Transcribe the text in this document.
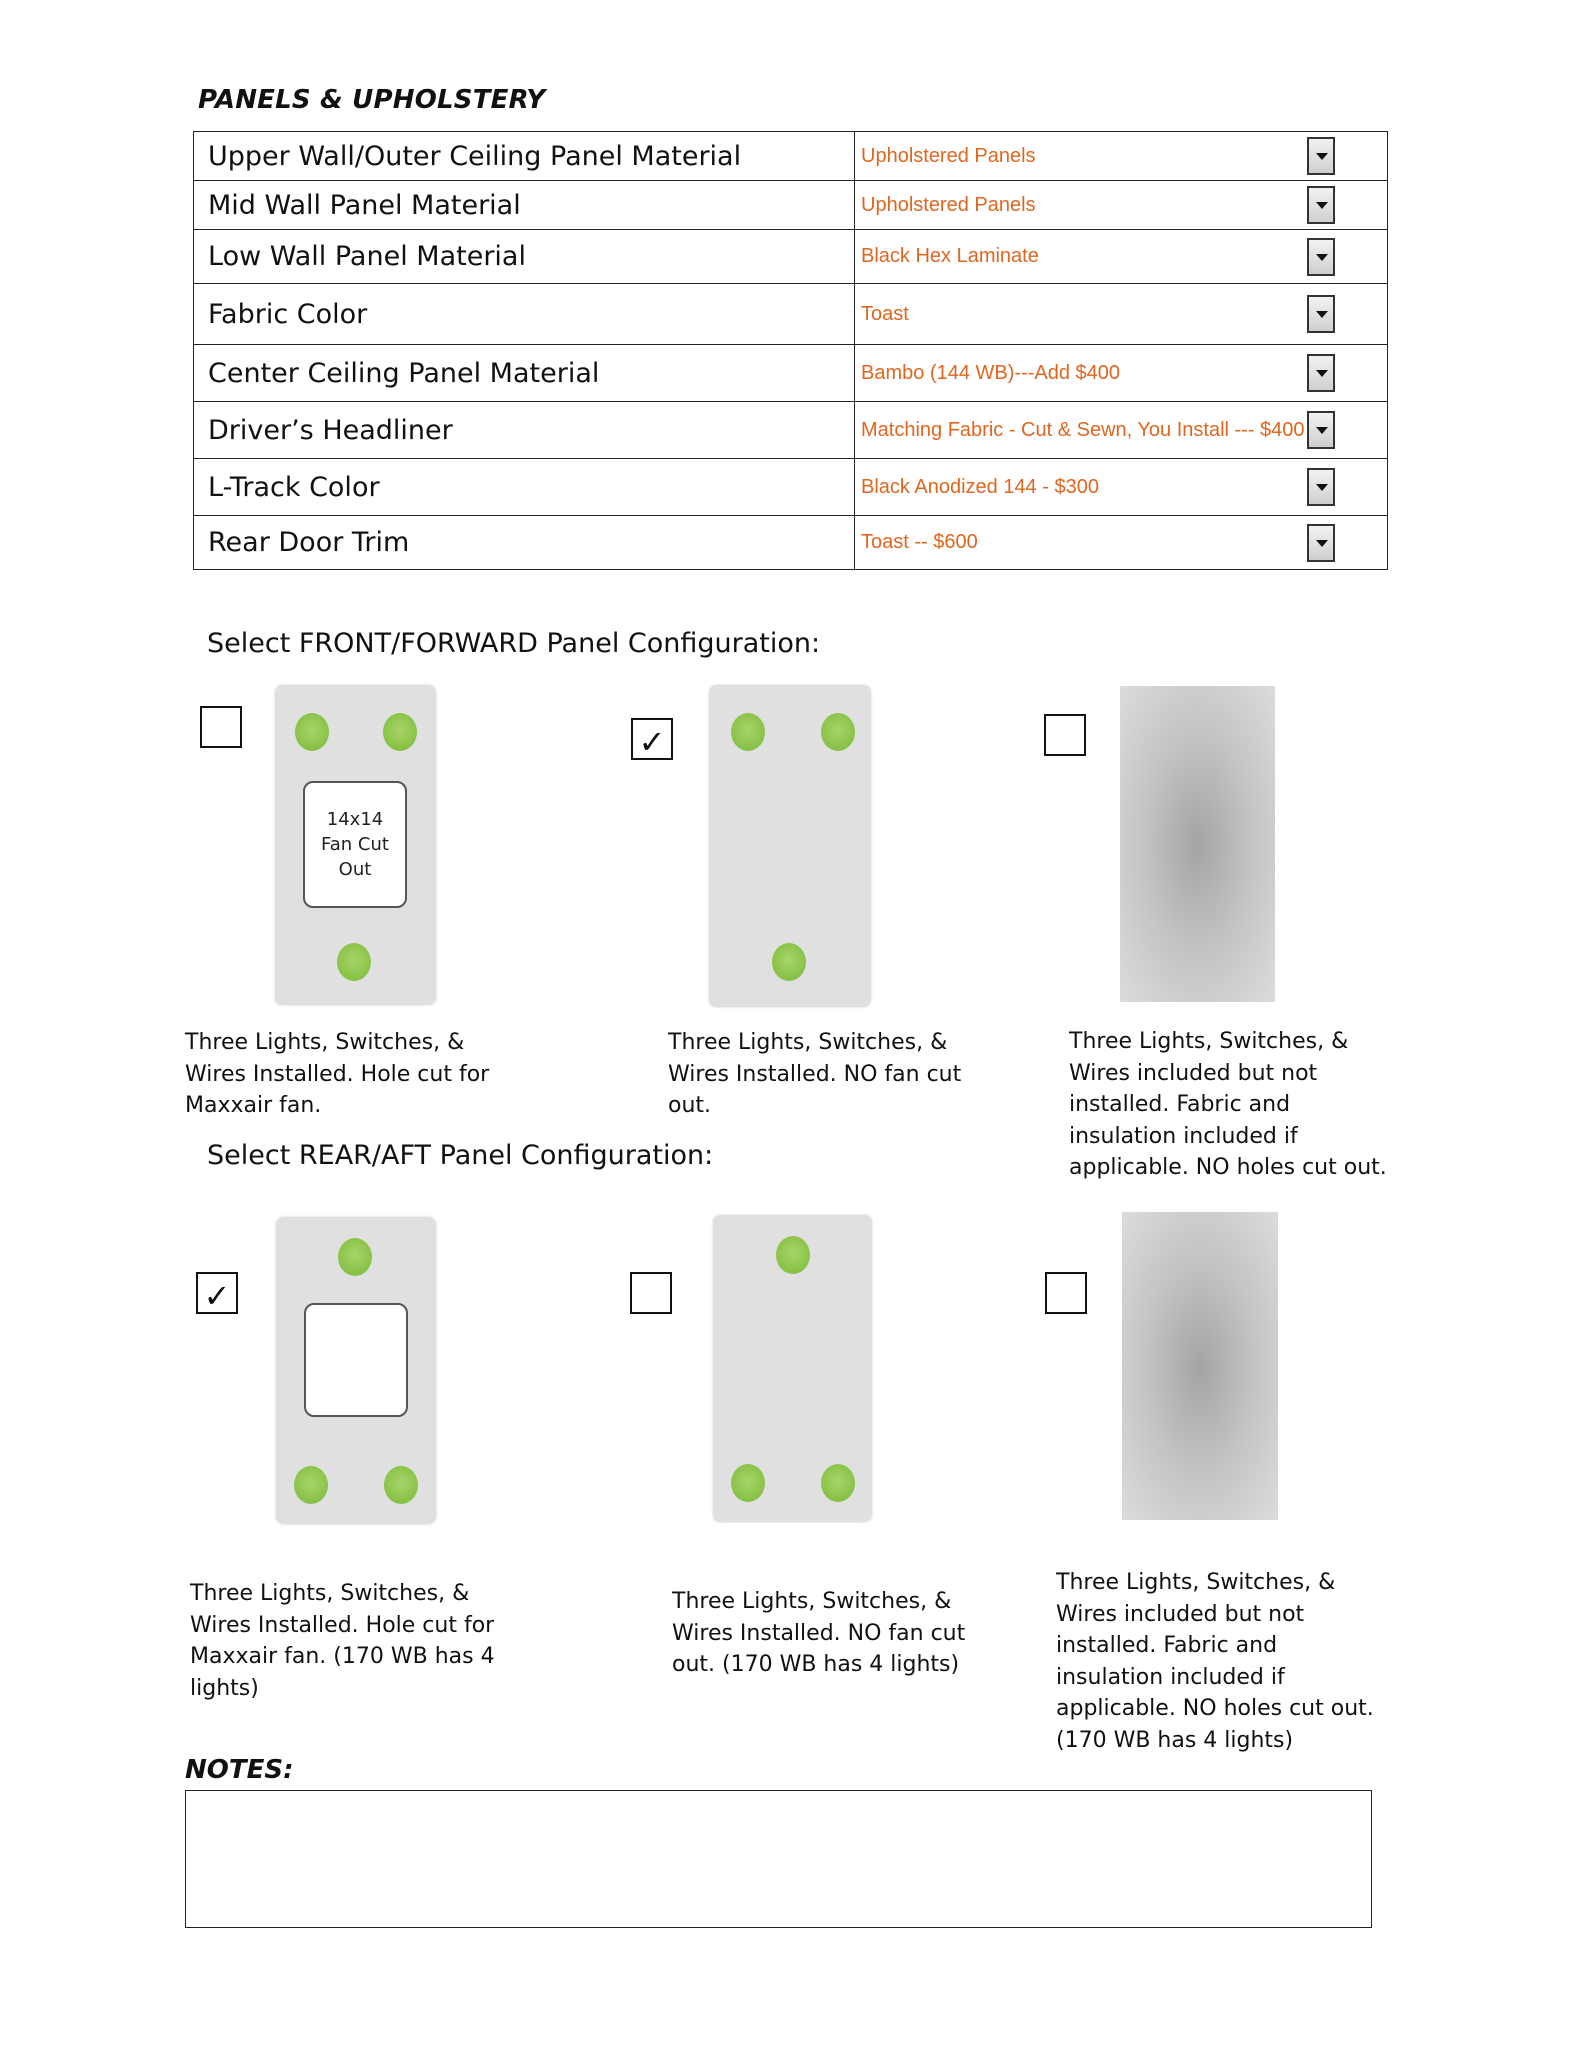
PANELS & UPHOLSTERY
Upper Wall/Outer Ceiling Panel Material	Upholstered Panels

Mid Wall Panel Material	Upholstered Panels

Low Wall Panel Material	Black Hex Laminate

Fabric Color	Toast

Center Ceiling Panel Material	Bambo (144 WB)---Add $400

Driver’s Headliner	Matching Fabric - Cut & Sewn, You Install --- $400

L-Track Color	Black Anodized 144 - $300

Rear Door Trim	Toast -- $600
Select FRONT/FORWARD Panel Configuration:
14x14
Fan Cut
Out
Three Lights, Switches, & Wires Installed. Hole cut for Maxxair fan.
✓
Three Lights, Switches, & Wires Installed. NO fan cut out.
Three Lights, Switches, & Wires included but not installed. Fabric and insulation included if applicable. NO holes cut out.
Select REAR/AFT Panel Configuration:
✓
Three Lights, Switches, & Wires Installed. Hole cut for Maxxair fan. (170 WB has 4 lights)
Three Lights, Switches, & Wires Installed. NO fan cut out. (170 WB has 4 lights)
Three Lights, Switches, & Wires included but not installed. Fabric and insulation included if applicable. NO holes cut out. (170 WB has 4 lights)
NOTES:
